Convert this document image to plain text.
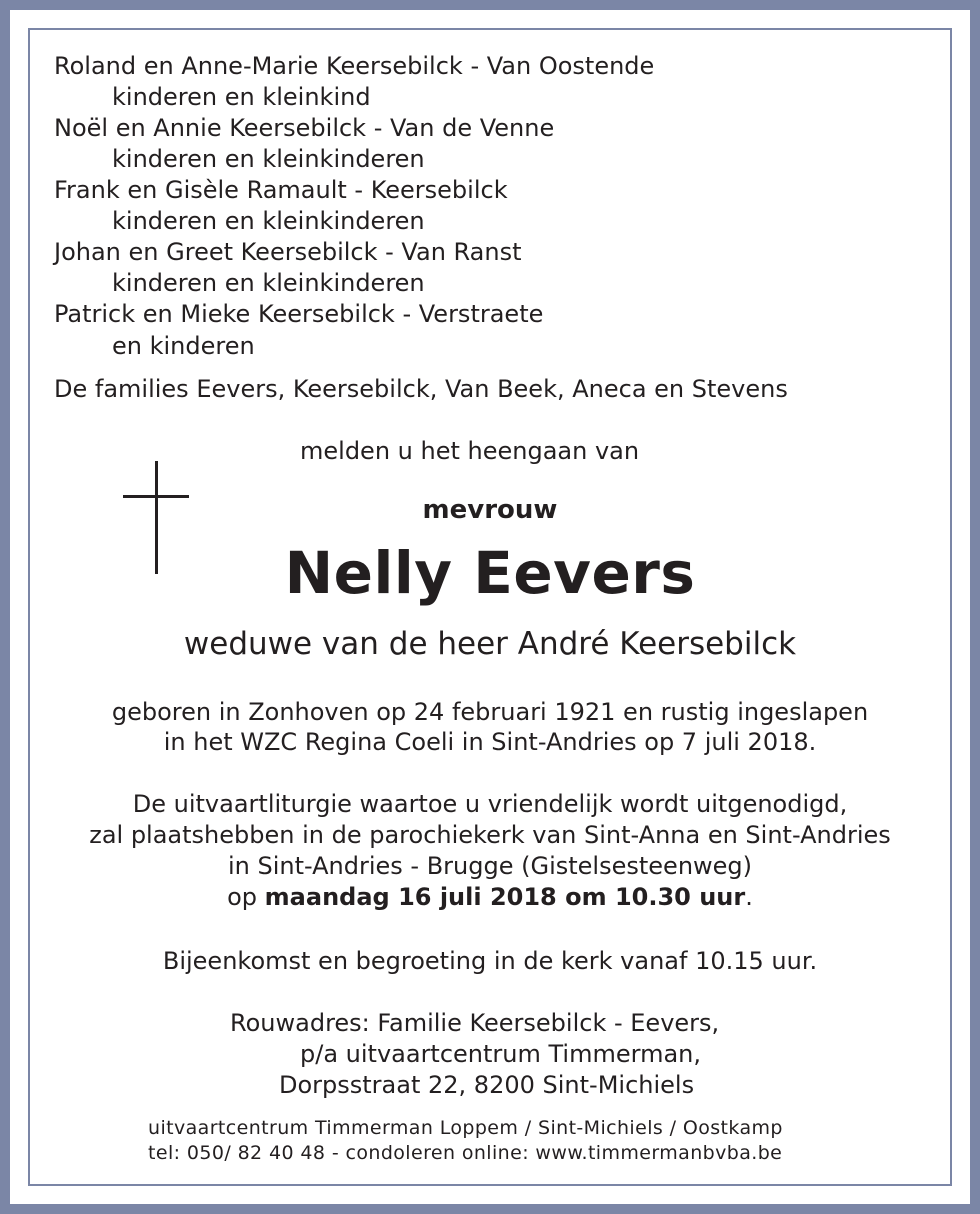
Roland en Anne-Marie Keersebilck - Van Oostende
kinderen en kleinkind
Noël en Annie Keersebilck - Van de Venne
kinderen en kleinkinderen
Frank en Gisèle Ramault - Keersebilck
kinderen en kleinkinderen
Johan en Greet Keersebilck - Van Ranst
kinderen en kleinkinderen
Patrick en Mieke Keersebilck - Verstraete
en kinderen
De families Eevers, Keersebilck, Van Beek, Aneca en Stevens
melden u het heengaan van
mevrouw
Nelly Eevers
weduwe van de heer André Keersebilck
geboren in Zonhoven op 24 februari 1921 en rustig ingeslapen
in het WZC Regina Coeli in Sint-Andries op 7 juli 2018.
De uitvaartliturgie waartoe u vriendelijk wordt uitgenodigd,
zal plaatshebben in de parochiekerk van Sint-Anna en Sint-Andries
in Sint-Andries - Brugge (Gistelsesteenweg)
op maandag 16 juli 2018 om 10.30 uur.
Bijeenkomst en begroeting in de kerk vanaf 10.15 uur.
Rouwadres: Familie Keersebilck - Eevers,
p/a uitvaartcentrum Timmerman,
Dorpsstraat 22, 8200 Sint-Michiels
uitvaartcentrum Timmerman Loppem / Sint-Michiels / Oostkamp
tel: 050/ 82 40 48 - condoleren online: www.timmermanbvba.be
